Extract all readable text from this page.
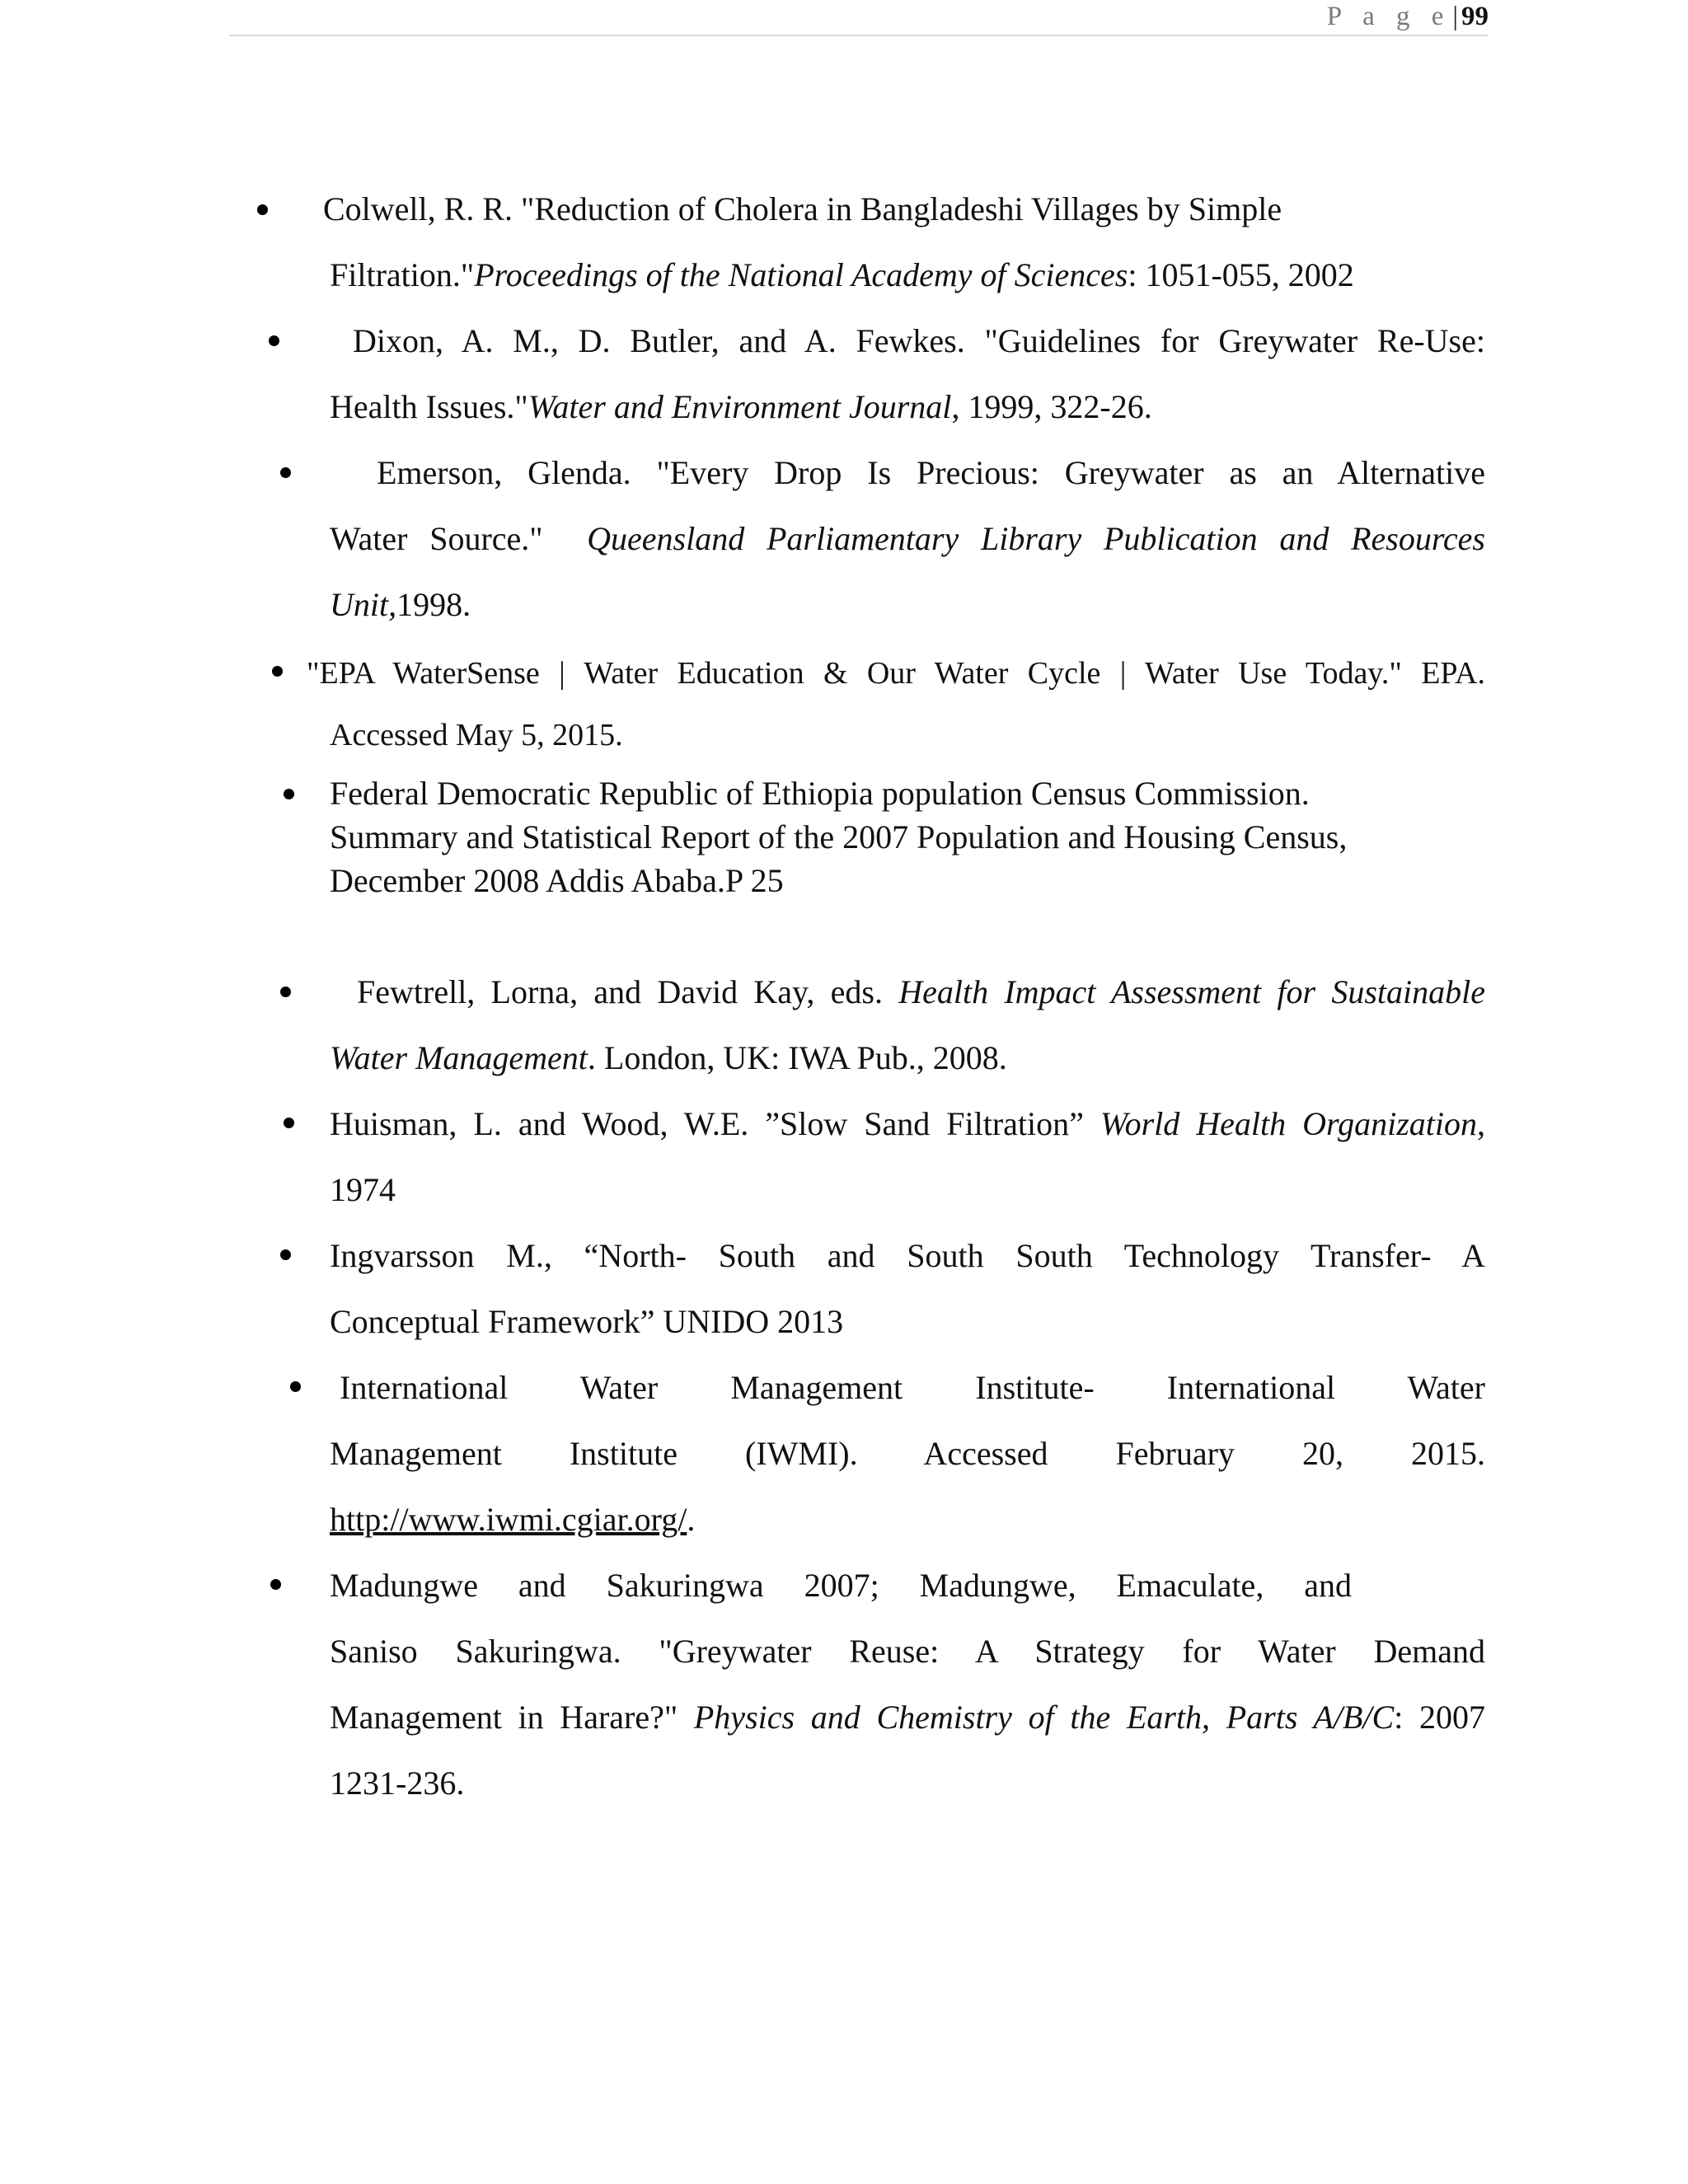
P a g e| 99
Colwell, R. R. "Reduction of Cholera in Bangladeshi Villages by Simple
Filtration."Proceedings of the National Academy of Sciences: 1051-055, 2002
Dixon, A. M., D. Butler, and A. Fewkes. "Guidelines for Greywater Re-Use:
Health Issues."Water and Environment Journal, 1999, 322-26.
Emerson, Glenda. "Every Drop Is Precious: Greywater as an Alternative
Water Source." Queensland Parliamentary Library Publication and Resources
Unit,1998.
"EPA WaterSense | Water Education & Our Water Cycle | Water Use Today." EPA.
Accessed May 5, 2015.
Federal Democratic Republic of Ethiopia population Census Commission.
Summary and Statistical Report of the 2007 Population and Housing Census,
December 2008 Addis Ababa.P 25
Fewtrell, Lorna, and David Kay, eds. Health Impact Assessment for Sustainable
Water Management. London, UK: IWA Pub., 2008.
Huisman, L. and Wood, W.E. ”Slow Sand Filtration” World Health Organization,
1974
Ingvarsson M., “North- South and South South Technology Transfer- A
Conceptual Framework” UNIDO 2013
International Water Management Institute- International Water
Management Institute (IWMI). Accessed February 20, 2015.
http://www.iwmi.cgiar.org/.
Madungwe and Sakuringwa 2007; Madungwe, Emaculate, and
Saniso Sakuringwa. "Greywater Reuse: A Strategy for Water Demand
Management in Harare?" Physics and Chemistry of the Earth, Parts A/B/C: 2007
1231-236.
